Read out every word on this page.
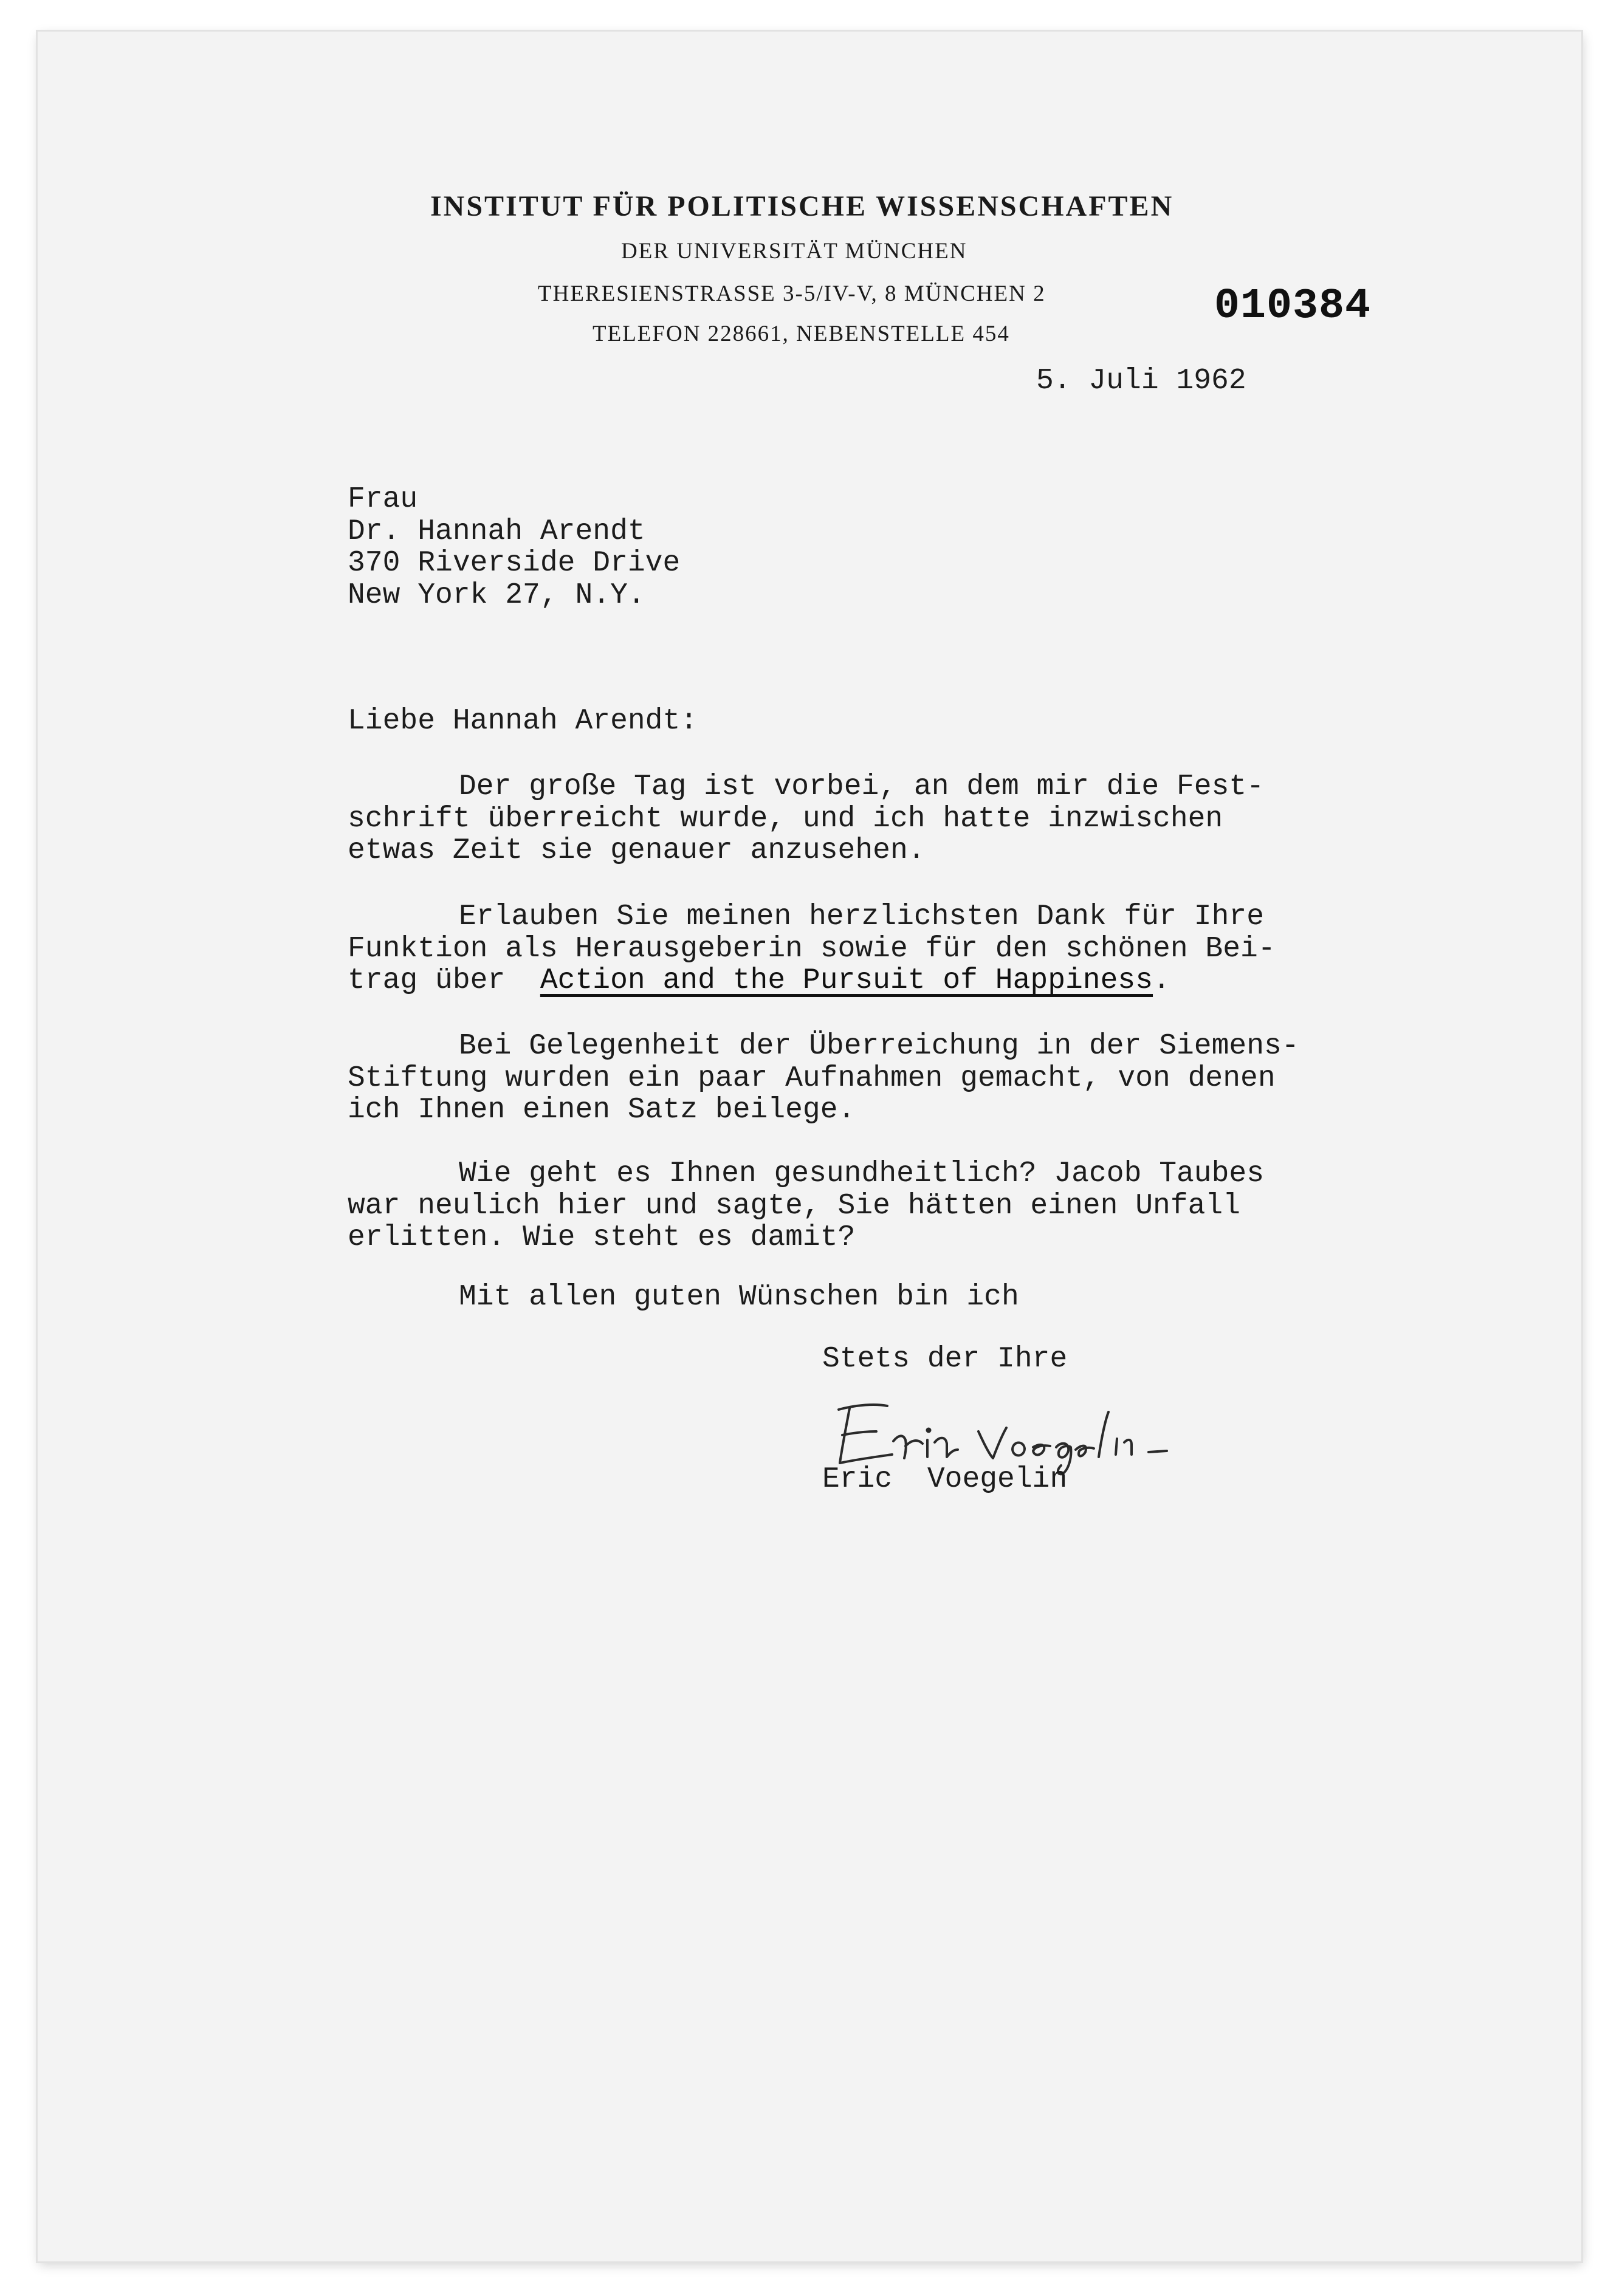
INSTITUT FÜR POLITISCHE WISSENSCHAFTEN
DER UNIVERSITÄT MÜNCHEN
THERESIENSTRASSE 3-5/IV-V, 8 MÜNCHEN 2
TELEFON 228661, NEBENSTELLE 454
010384
5. Juli 1962
Frau
Dr. Hannah Arendt
370 Riverside Drive
New York 27, N.Y.
Liebe Hannah Arendt:
Der große Tag ist vorbei, an dem mir die Fest-
schrift überreicht wurde, und ich hatte inzwischen
etwas Zeit sie genauer anzusehen.
Erlauben Sie meinen herzlichsten Dank für Ihre
Funktion als Herausgeberin sowie für den schönen Bei-
trag über Action and the Pursuit of Happiness.
Bei Gelegenheit der Überreichung in der Siemens-
Stiftung wurden ein paar Aufnahmen gemacht, von denen
ich Ihnen einen Satz beilege.
Wie geht es Ihnen gesundheitlich? Jacob Taubes
war neulich hier und sagte, Sie hätten einen Unfall
erlitten. Wie steht es damit?
Mit allen guten Wünschen bin ich
Stets der Ihre
Eric  Voegelin
